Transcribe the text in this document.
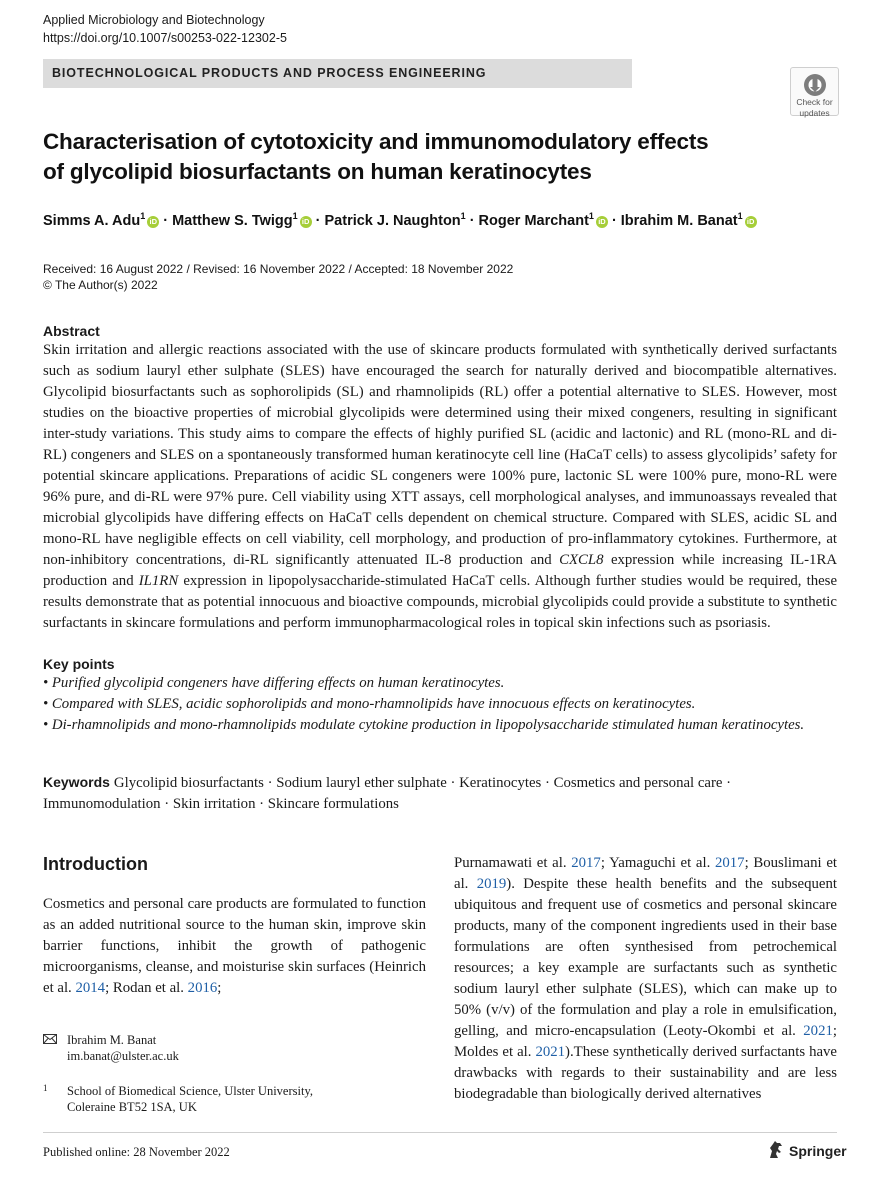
Applied Microbiology and Biotechnology
https://doi.org/10.1007/s00253-022-12302-5
BIOTECHNOLOGICAL PRODUCTS AND PROCESS ENGINEERING
Check for
updates
Characterisation of cytotoxicity and immunomodulatory effects
of glycolipid biosurfactants on human keratinocytes
Simms A. Adu$^1$iD · Matthew S. Twigg$^1$iD · Patrick J. Naughton$^1$ · Roger Marchant$^1$iD · Ibrahim M. Banat$^1$iD
Received: 16 August 2022 / Revised: 16 November 2022 / Accepted: 18 November 2022
© The Author(s) 2022
Abstract

Skin irritation and allergic reactions associated with the use of skincare products formulated with synthetically derived surfactants such as sodium lauryl ether sulphate (SLES) have encouraged the search for naturally derived and biocompatible alternatives. Glycolipid biosurfactants such as sophorolipids (SL) and rhamnolipids (RL) offer a potential alternative to SLES. However, most studies on the bioactive properties of microbial glycolipids were determined using their mixed congeners, resulting in significant inter-study variations. This study aims to compare the effects of highly purified SL (acidic and lactonic) and RL (mono-RL and di-RL) congeners and SLES on a spontaneously transformed human keratinocyte cell line (HaCaT cells) to assess glycolipids’ safety for potential skincare applications. Preparations of acidic SL congeners were 100% pure, lactonic SL were 100% pure, mono-RL were 96% pure, and di-RL were 97% pure. Cell viability using XTT assays, cell morphological analyses, and immunoassays revealed that microbial glycolipids have differing effects on HaCaT cells dependent on chemical structure. Compared with SLES, acidic SL and mono-RL have negligible effects on cell viability, cell morphology, and production of pro-inflammatory cytokines. Furthermore, at non-inhibitory concentrations, di-RL significantly attenuated IL-8 production and CXCL8 expression while increasing IL-1RA production and IL1RN expression in lipopolysaccharide-stimulated HaCaT cells. Although further studies would be required, these results demonstrate that as potential innocuous and bioactive compounds, microbial glycolipids could provide a substitute to synthetic surfactants in skincare formulations and perform immunopharmacological roles in topical skin infections such as psoriasis.

Key points
• Purified glycolipid congeners have differing effects on human keratinocytes.
• Compared with SLES, acidic sophorolipids and mono-rhamnolipids have innocuous effects on keratinocytes.
• Di-rhamnolipids and mono-rhamnolipids modulate cytokine production in lipopolysaccharide stimulated human keratinocytes.
Keywords Glycolipid biosurfactants · Sodium lauryl ether sulphate · Keratinocytes · Cosmetics and personal care · Immunomodulation · Skin irritation · Skincare formulations
Introduction

Cosmetics and personal care products are formulated to function as an added nutritional source to the human skin, improve skin barrier functions, inhibit the growth of pathogenic microorganisms, cleanse, and moisturise skin surfaces (Heinrich et al. 2014; Rodan et al. 2016;

Purnamawati et al. 2017; Yamaguchi et al. 2017; Bouslimani et al. 2019). Despite these health benefits and the subsequent ubiquitous and frequent use of cosmetics and personal skincare products, many of the component ingredients used in their base formulations are often synthesised from petrochemical resources; a key example are surfactants such as synthetic sodium lauryl ether sulphate (SLES), which can make up to 50% (v/v) of the formulation and play a role in emulsification, gelling, and micro-encapsulation (Leoty-Okombi et al. 2021; Moldes et al. 2021).These synthetically derived surfactants have drawbacks with regards to their sustainability and are less biodegradable than biologically derived alternatives

Ibrahim M. Banat
im.banat@ulster.ac.uk
1 School of Biomedical Science, Ulster University,
Coleraine BT52 1SA, UK
Published online: 28 November 2022	Springer
